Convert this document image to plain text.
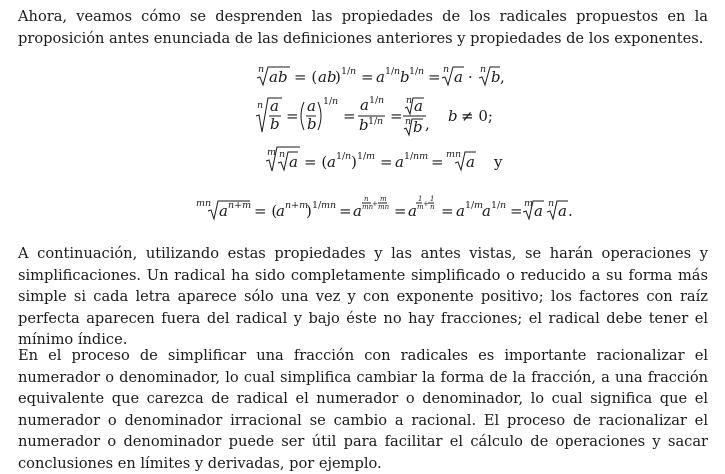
Ahora, veamos cómo se desprenden las propiedades de los radicales propuestos en la proposición antes enunciada de las definiciones anteriores y propiedades de los exponentes.

n ab = ( ab
) 1/ n = a 1/ n b 1/ n = n a · n b ,
n a
b =
a
b
1/ n
=
a 1/ n
b 1/ n =
n a
n b , b ≠ 0;
m n a = ( a 1/ n ) 1/ m = a 1/ nm = mn a y
mn a n+m = (
a n+m
) 1/ mn = a
n
mn
+
m
mn = a
1
m +
1
n = a 1/ m
a 1/ n = m a n a .

A continuación, utilizando estas propiedades y las antes vistas, se harán operaciones y simplificaciones. Un radical ha sido completamente simplificado o reducido a su forma más simple si cada letra aparece sólo una vez y con exponente positivo; los factores con raíz perfecta aparecen fuera del radical y bajo éste no hay fracciones; el radical debe tener el mínimo índice.

En el proceso de simplificar una fracción con radicales es importante racionalizar el numerador o denominador, lo cual simplifica cambiar la forma de la fracción, a una fracción equivalente que carezca de radical el numerador o denominador, lo cual significa que el numerador o denominador irracional se cambio a racional. El proceso de racionalizar el numerador o denominador puede ser útil para facilitar el cálculo de operaciones y sacar conclusiones en límites y derivadas, por ejemplo.
